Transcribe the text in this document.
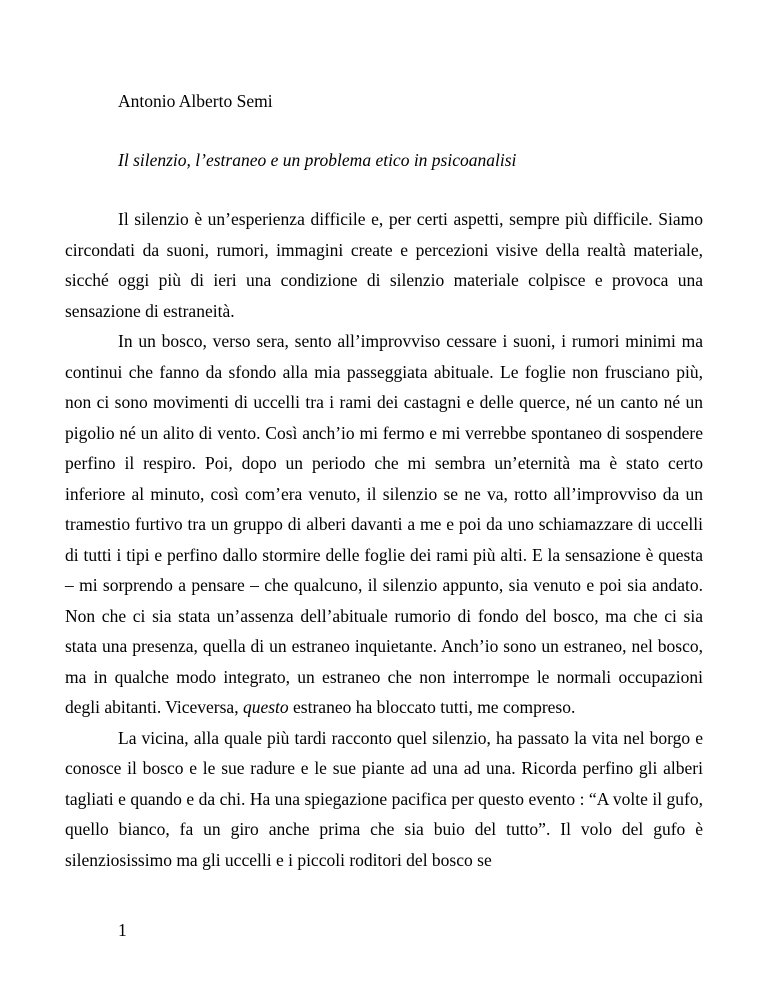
Antonio Alberto Semi
Il silenzio, l’estraneo e un problema etico in psicoanalisi

Il silenzio è un’esperienza difficile e, per certi aspetti, sempre più difficile. Siamo circondati da suoni, rumori, immagini create e percezioni visive della realtà materiale, sicché oggi più di ieri una condizione di silenzio materiale colpisce e provoca una sensazione di estraneità.

In un bosco, verso sera, sento all’improvviso cessare i suoni, i rumori minimi ma continui che fanno da sfondo alla mia passeggiata abituale. Le foglie non frusciano più, non ci sono movimenti di uccelli tra i rami dei castagni e delle querce, né un canto né un pigolio né un alito di vento. Così anch’io mi fermo e mi verrebbe spontaneo di sospendere perfino il respiro. Poi, dopo un periodo che mi sembra un’eternità ma è stato certo inferiore al minuto, così com’era venuto, il silenzio se ne va, rotto all’improvviso da un tramestio furtivo tra un gruppo di alberi davanti a me e poi da uno schiamazzare di uccelli di tutti i tipi e perfino dallo stormire delle foglie dei rami più alti. E la sensazione è questa – mi sorprendo a pensare – che qualcuno, il silenzio appunto, sia venuto e poi sia andato. Non che ci sia stata un’assenza dell’abituale rumorio di fondo del bosco, ma che ci sia stata una presenza, quella di un estraneo inquietante. Anch’io sono un estraneo, nel bosco, ma in qualche modo integrato, un estraneo che non interrompe le normali occupazioni degli abitanti. Viceversa, questo estraneo ha bloccato tutti, me compreso.

La vicina, alla quale più tardi racconto quel silenzio, ha passato la vita nel borgo e conosce il bosco e le sue radure e le sue piante ad una ad una. Ricorda perfino gli alberi tagliati e quando e da chi. Ha una spiegazione pacifica per questo evento : “A volte il gufo, quello bianco, fa un giro anche prima che sia buio del tutto”. Il volo del gufo è silenziosissimo ma gli uccelli e i piccoli roditori del bosco se

1
